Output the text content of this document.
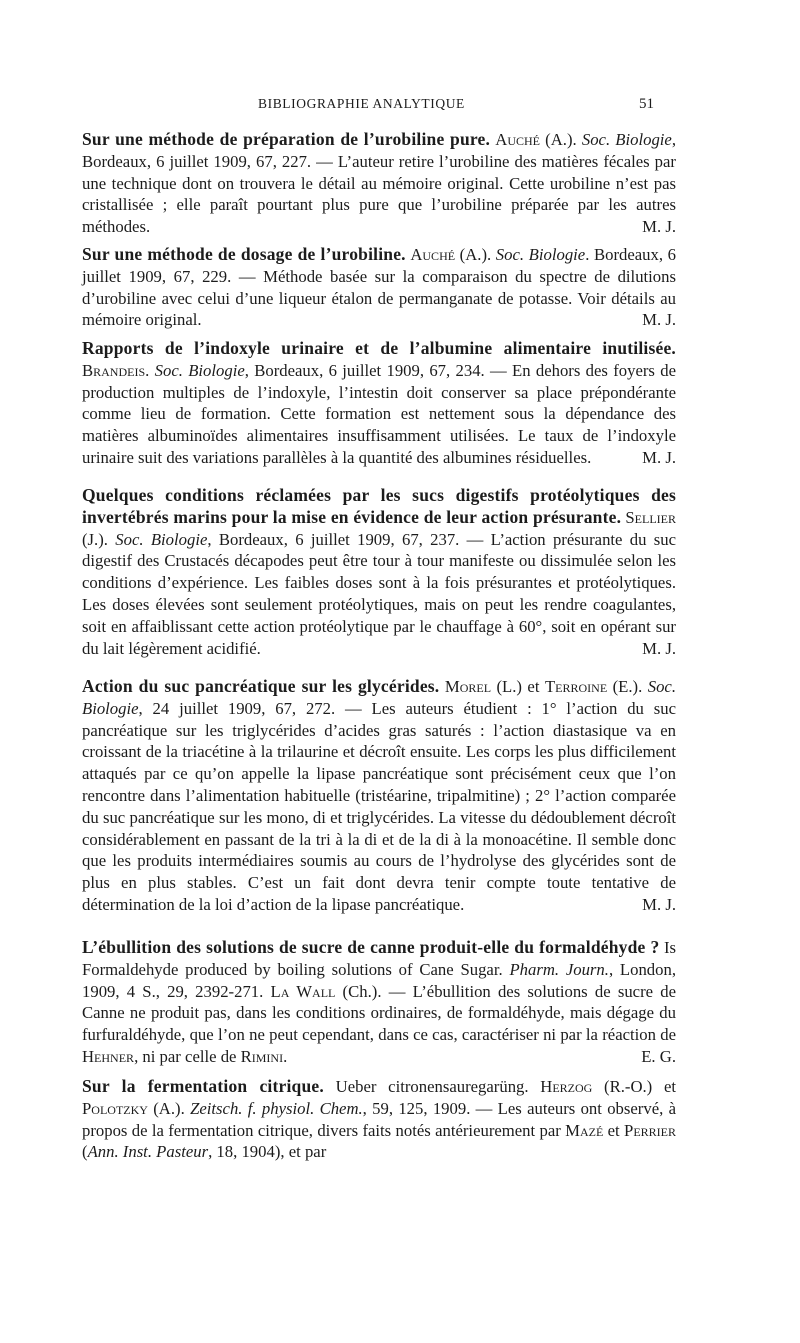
BIBLIOGRAPHIE ANALYTIQUE	51
Sur une méthode de préparation de l’urobiline pure. Auché (A.). Soc. Biologie, Bordeaux, 6 juillet 1909, 67, 227. — L’auteur retire l’urobiline des matières fécales par une technique dont on trouvera le détail au mémoire original. Cette urobiline n’est pas cristallisée ; elle paraît pourtant plus pure que l’urobiline préparée par les autres méthodes.	M. J.
Sur une méthode de dosage de l’urobiline. Auché (A.). Soc. Biologie. Bordeaux, 6 juillet 1909, 67, 229. — Méthode basée sur la comparaison du spectre de dilutions d’urobiline avec celui d’une liqueur étalon de permanganate de potasse. Voir détails au mémoire original.	M. J.
Rapports de l’indoxyle urinaire et de l’albumine alimentaire inutilisée. Brandeis. Soc. Biologie, Bordeaux, 6 juillet 1909, 67, 234. — En dehors des foyers de production multiples de l’indoxyle, l’intestin doit conserver sa place prépondérante comme lieu de formation. Cette formation est nettement sous la dépendance des matières albuminoïdes alimentaires insuffisamment utilisées. Le taux de l’indoxyle urinaire suit des variations parallèles à la quantité des albumines résiduelles.	M. J.
Quelques conditions réclamées par les sucs digestifs protéolytiques des invertébrés marins pour la mise en évidence de leur action présurante. Sellier (J.). Soc. Biologie, Bordeaux, 6 juillet 1909, 67, 237. — L’action présurante du suc digestif des Crustacés décapodes peut être tour à tour manifeste ou dissimulée selon les conditions d’expérience. Les faibles doses sont à la fois présurantes et protéolytiques. Les doses élevées sont seulement protéolytiques, mais on peut les rendre coagulantes, soit en affaiblissant cette action protéolytique par le chauffage à 60°, soit en opérant sur du lait légèrement acidifié.	M. J.
Action du suc pancréatique sur les glycérides. Morel (L.) et Terroine (E.). Soc. Biologie, 24 juillet 1909, 67, 272. — Les auteurs étudient : 1° l’action du suc pancréatique sur les triglycérides d’acides gras saturés : l’action diastasique va en croissant de la triacétine à la trilaurine et décroît ensuite. Les corps les plus difficilement attaqués par ce qu’on appelle la lipase pancréatique sont précisément ceux que l’on rencontre dans l’alimentation habituelle (tristéarine, tripalmitine) ; 2° l’action comparée du suc pancréatique sur les mono, di et triglycérides. La vitesse du dédoublement décroît considérablement en passant de la tri à la di et de la di à la monoacétine. Il semble donc que les produits intermédiaires soumis au cours de l’hydrolyse des glycérides sont de plus en plus stables. C’est un fait dont devra tenir compte toute tentative de détermination de la loi d’action de la lipase pancréatique.	M. J.
L’ébullition des solutions de sucre de canne produit-elle du formaldéhyde ? Is Formaldehyde produced by boiling solutions of Cane Sugar. Pharm. Journ., London, 1909, 4 S., 29, 2392-271. La Wall (Ch.). — L’ébullition des solutions de sucre de Canne ne produit pas, dans les conditions ordinaires, de formaldéhyde, mais dégage du furfuraldéhyde, que l’on ne peut cependant, dans ce cas, caractériser ni par la réaction de Hehner, ni par celle de Rimini.	E. G.
Sur la fermentation citrique. Ueber citronensauregarüng. Herzog (R.-O.) et Polotzky (A.). Zeitsch. f. physiol. Chem., 59, 125, 1909. — Les auteurs ont observé, à propos de la fermentation citrique, divers faits notés antérieurement par Mazé et Perrier (Ann. Inst. Pasteur, 18, 1904), et par
